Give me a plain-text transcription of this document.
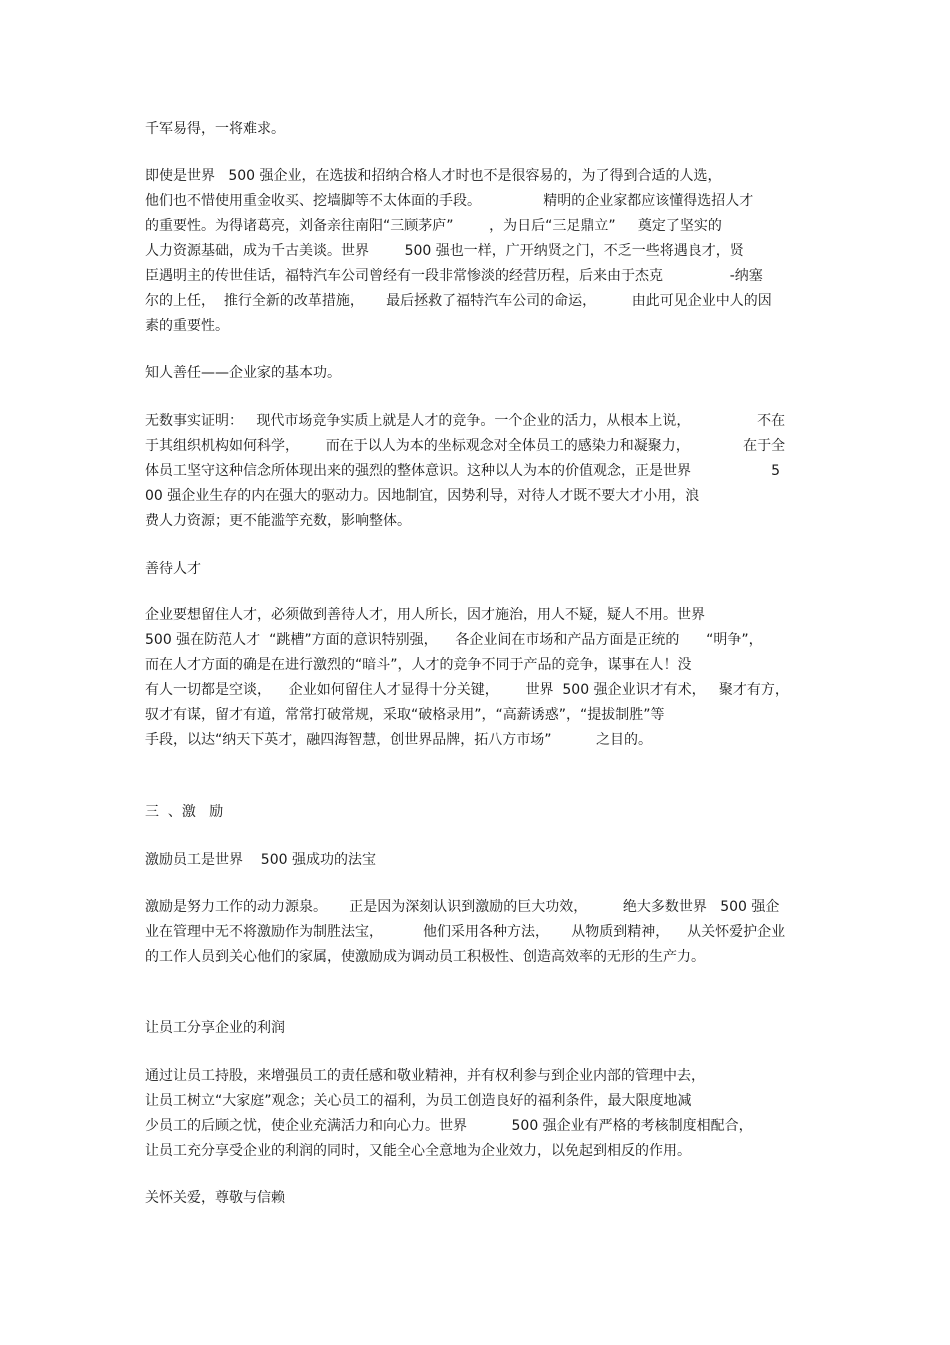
千军易得，一将难求。

即使是世界   500 强企业，在选拔和招纳合格人才时也不是很容易的，为了得到合适的人选，

他们也不惜使用重金收买、挖墙脚等不太体面的手段。              精明的企业家都应该懂得选招人才

的重要性。为得诸葛亮，刘备亲往南阳“三顾茅庐”        ，为日后“三足鼎立”     奠定了坚实的

人力资源基础，成为千古美谈。世界        500 强也一样，广开纳贤之门，不乏一些将遇良才，贤

臣遇明主的传世佳话，福特汽车公司曾经有一段非常惨淡的经营历程，后来由于杰克               -纳塞

尔的上任，  推行全新的改革措施，     最后拯救了福特汽车公司的命运，        由此可见企业中人的因

素的重要性。

知人善任——企业家的基本功。

无数事实证明：   现代市场竞争实质上就是人才的竞争。一个企业的活力，从根本上说，               不在

于其组织机构如何科学，      而在于以人为本的坐标观念对全体员工的感染力和凝聚力，            在于全

体员工坚守这种信念所体现出来的强烈的整体意识。这种以人为本的价值观念，正是世界                  5

00 强企业生存的内在强大的驱动力。因地制宜，因势利导，对待人才既不要大才小用，浪

费人力资源；更不能滥竽充数，影响整体。

善待人才

企业要想留住人才，必须做到善待人才，用人所长，因才施治，用人不疑，疑人不用。世界

500 强在防范人才  “跳槽”方面的意识特别强，    各企业间在市场和产品方面是正统的      “明争”，

而在人才方面的确是在进行激烈的“暗斗”，人才的竞争不同于产品的竞争，谋事在人！没

有人一切都是空谈，    企业如何留住人才显得十分关键，      世界  500 强企业识才有术，   聚才有方，

驭才有谋，留才有道，常常打破常规，采取“破格录用”，“高薪诱惑”，“提拔制胜”等

手段，以达“纳天下英才，融四海智慧，创世界品牌，拓八方市场”          之目的。

三  、激   励

激励员工是世界    500 强成功的法宝

激励是努力工作的动力源泉。     正是因为深刻认识到激励的巨大功效，        绝大多数世界   500 强企

业在管理中无不将激励作为制胜法宝，         他们采用各种方法，     从物质到精神，    从关怀爱护企业

的工作人员到关心他们的家属，使激励成为调动员工积极性、创造高效率的无形的生产力。

让员工分享企业的利润

通过让员工持股，来增强员工的责任感和敬业精神，并有权利参与到企业内部的管理中去，

让员工树立“大家庭”观念；关心员工的福利，为员工创造良好的福利条件，最大限度地减

少员工的后顾之忧，使企业充满活力和向心力。世界          500 强企业有严格的考核制度相配合，

让员工充分享受企业的利润的同时，又能全心全意地为企业效力，以免起到相反的作用。

关怀关爱，尊敬与信赖
